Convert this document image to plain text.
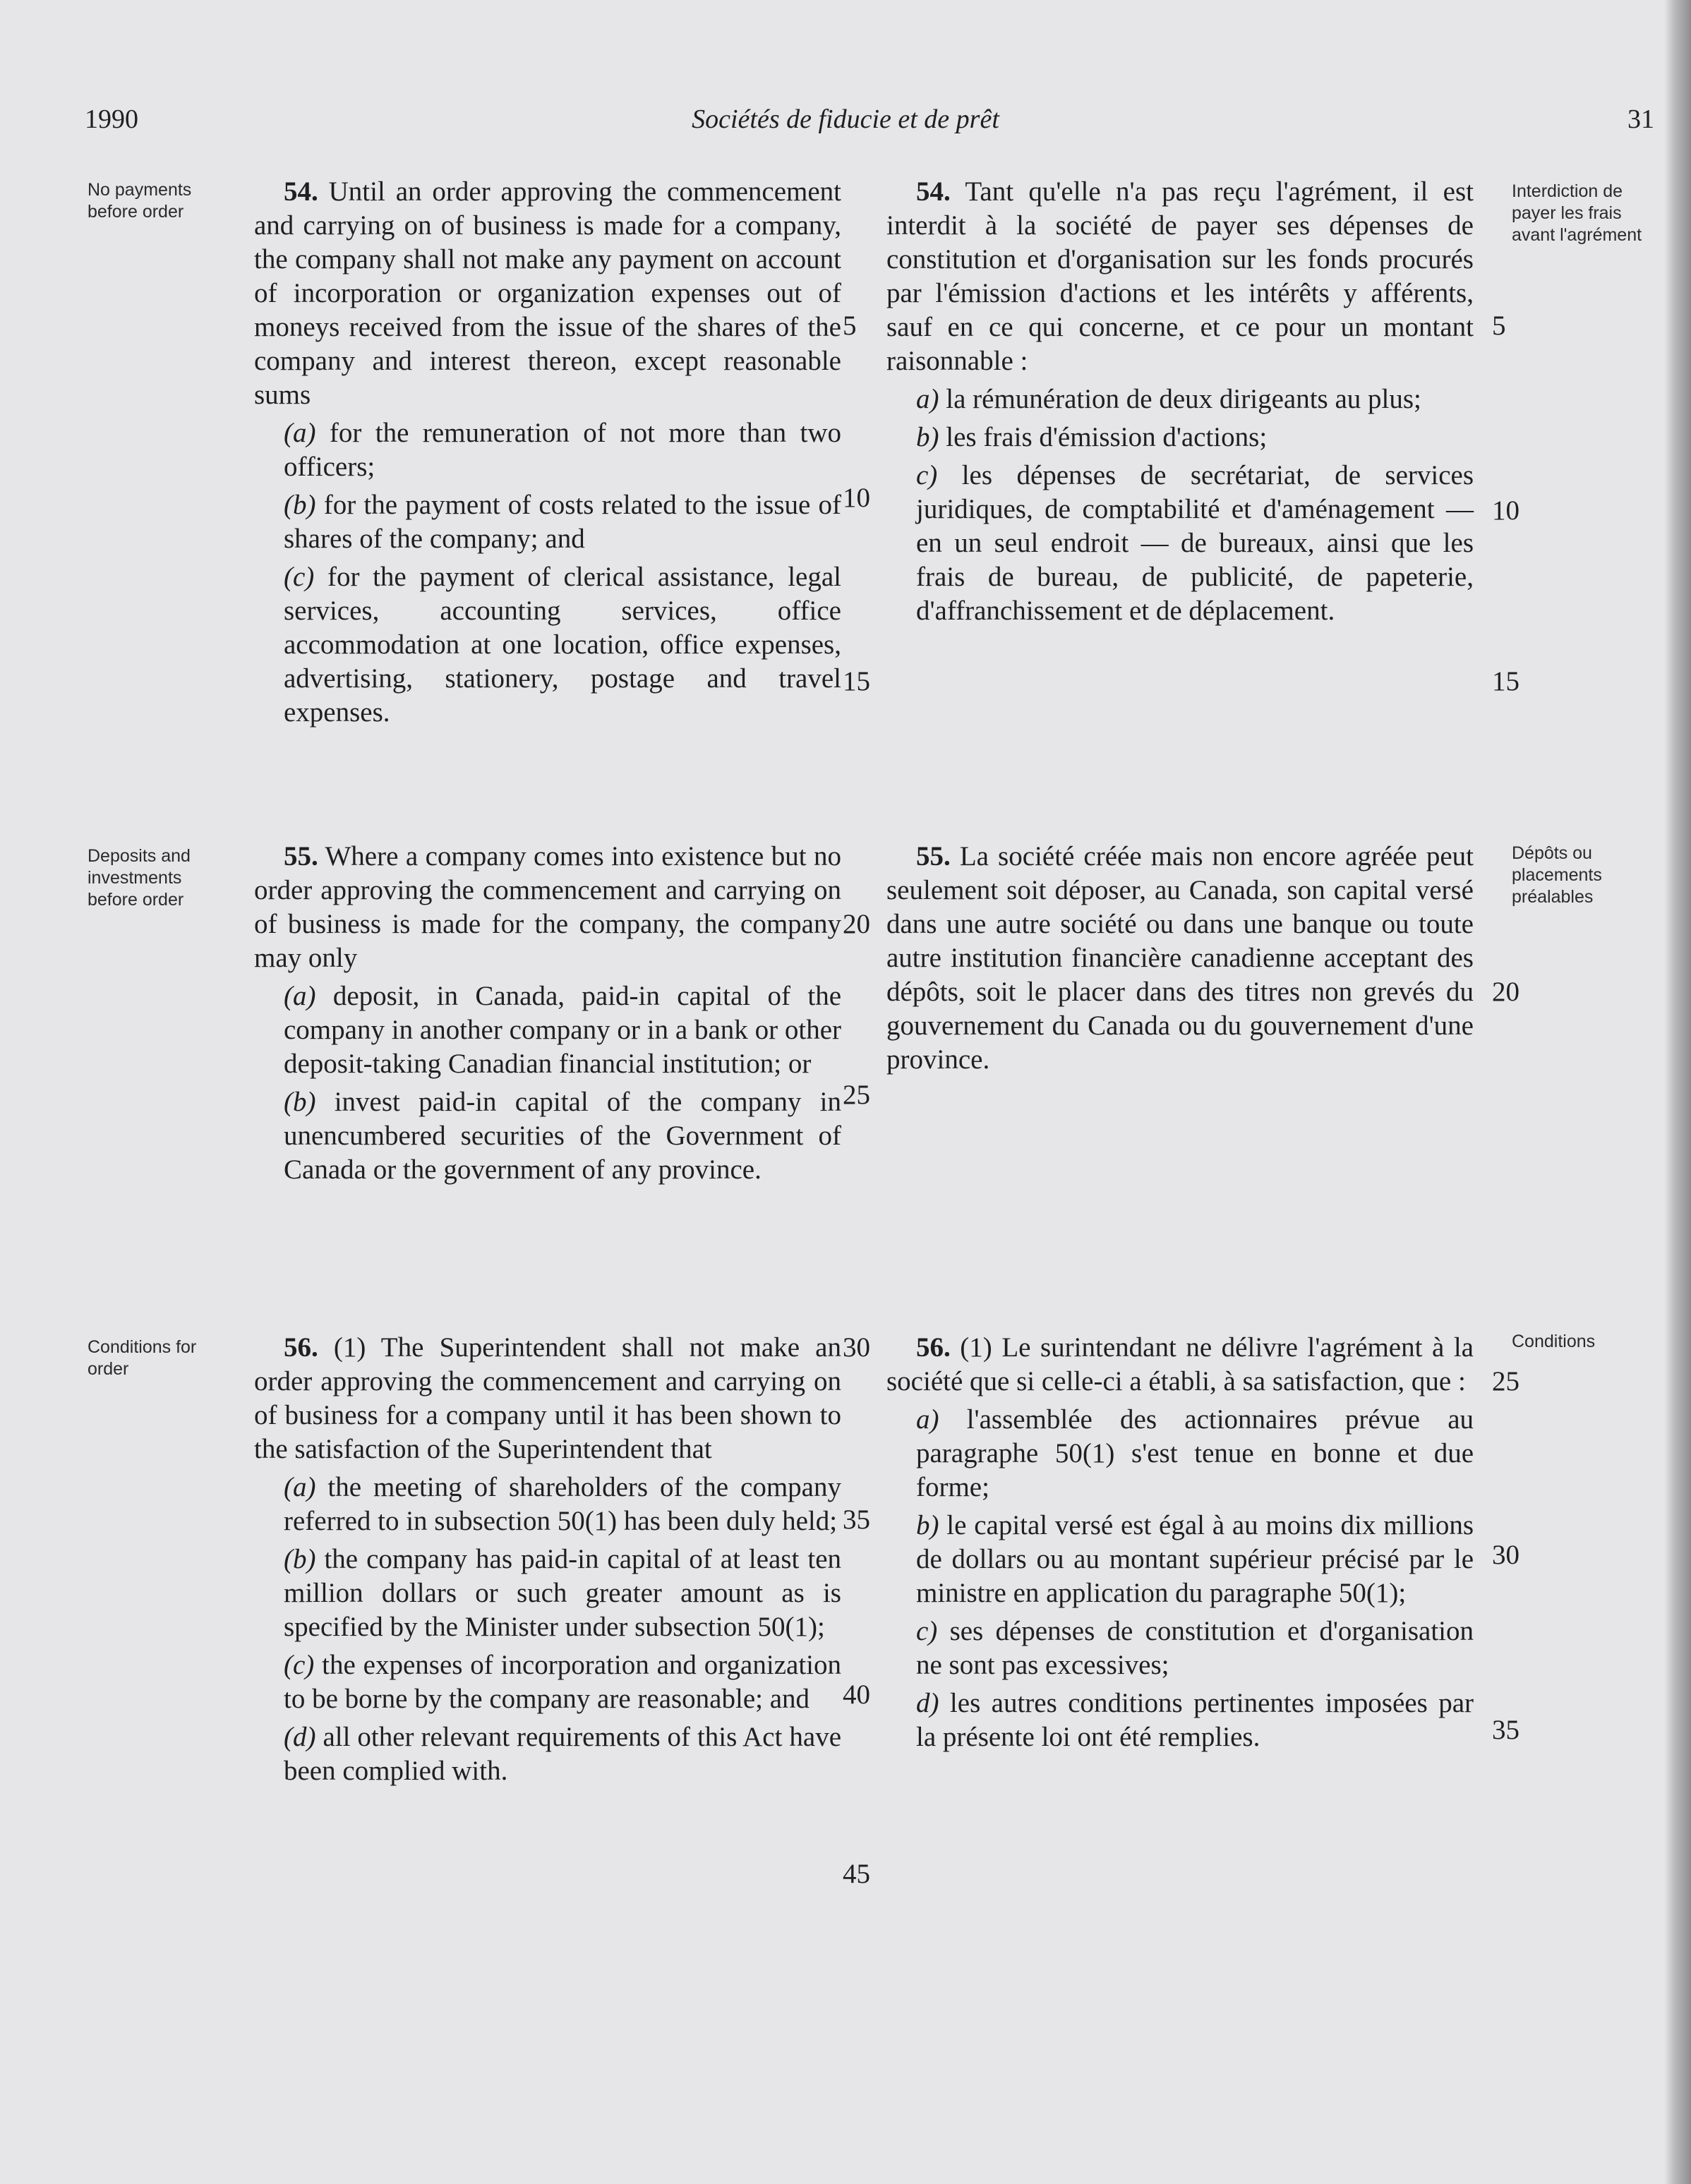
1990	Sociétés de fiducie et de prêt	31
No payments before order
Interdiction de payer les frais avant l'agrément

54. Until an order approving the commencement and carrying on of business is made for a company, the company shall not make any payment on account of incorporation or organization expenses out of moneys received from the issue of the shares of the company and interest thereon, except reasonable sums

(a) for the remuneration of not more than two officers;

(b) for the payment of costs related to the issue of shares of the company; and

(c) for the payment of clerical assistance, legal services, accounting services, office accommodation at one location, office expenses, advertising, stationery, postage and travel expenses.

54. Tant qu'elle n'a pas reçu l'agrément, il est interdit à la société de payer ses dépenses de constitution et d'organisation sur les fonds procurés par l'émission d'actions et les intérêts y afférents, sauf en ce qui concerne, et ce pour un montant raisonnable :

a) la rémunération de deux dirigeants au plus;

b) les frais d'émission d'actions;

c) les dépenses de secrétariat, de services juridiques, de comptabilité et d'aménagement — en un seul endroit — de bureaux, ainsi que les frais de bureau, de publicité, de papeterie, d'affranchissement et de déplacement.

Deposits and investments before order
Dépôts ou placements préalables

55. Where a company comes into existence but no order approving the commencement and carrying on of business is made for the company, the company may only

(a) deposit, in Canada, paid-in capital of the company in another company or in a bank or other deposit-taking Canadian financial institution; or

(b) invest paid-in capital of the company in unencumbered securities of the Government of Canada or the government of any province.

55. La société créée mais non encore agréée peut seulement soit déposer, au Canada, son capital versé dans une autre société ou dans une banque ou toute autre institution financière canadienne acceptant des dépôts, soit le placer dans des titres non grevés du gouvernement du Canada ou du gouvernement d'une province.

Conditions for order
Conditions

56. (1) The Superintendent shall not make an order approving the commencement and carrying on of business for a company until it has been shown to the satisfaction of the Superintendent that

(a) the meeting of shareholders of the company referred to in subsection 50(1) has been duly held;

(b) the company has paid-in capital of at least ten million dollars or such greater amount as is specified by the Minister under subsection 50(1);

(c) the expenses of incorporation and organization to be borne by the company are reasonable; and

(d) all other relevant requirements of this Act have been complied with.

56. (1) Le surintendant ne délivre l'agrément à la société que si celle-ci a établi, à sa satisfaction, que :

a) l'assemblée des actionnaires prévue au paragraphe 50(1) s'est tenue en bonne et due forme;

b) le capital versé est égal à au moins dix millions de dollars ou au montant supérieur précisé par le ministre en application du paragraphe 50(1);

c) ses dépenses de constitution et d'organisation ne sont pas excessives;

d) les autres conditions pertinentes imposées par la présente loi ont été remplies.

5
10
15
20
25
30
35
40
45
5
10
15
20
25
30
35
